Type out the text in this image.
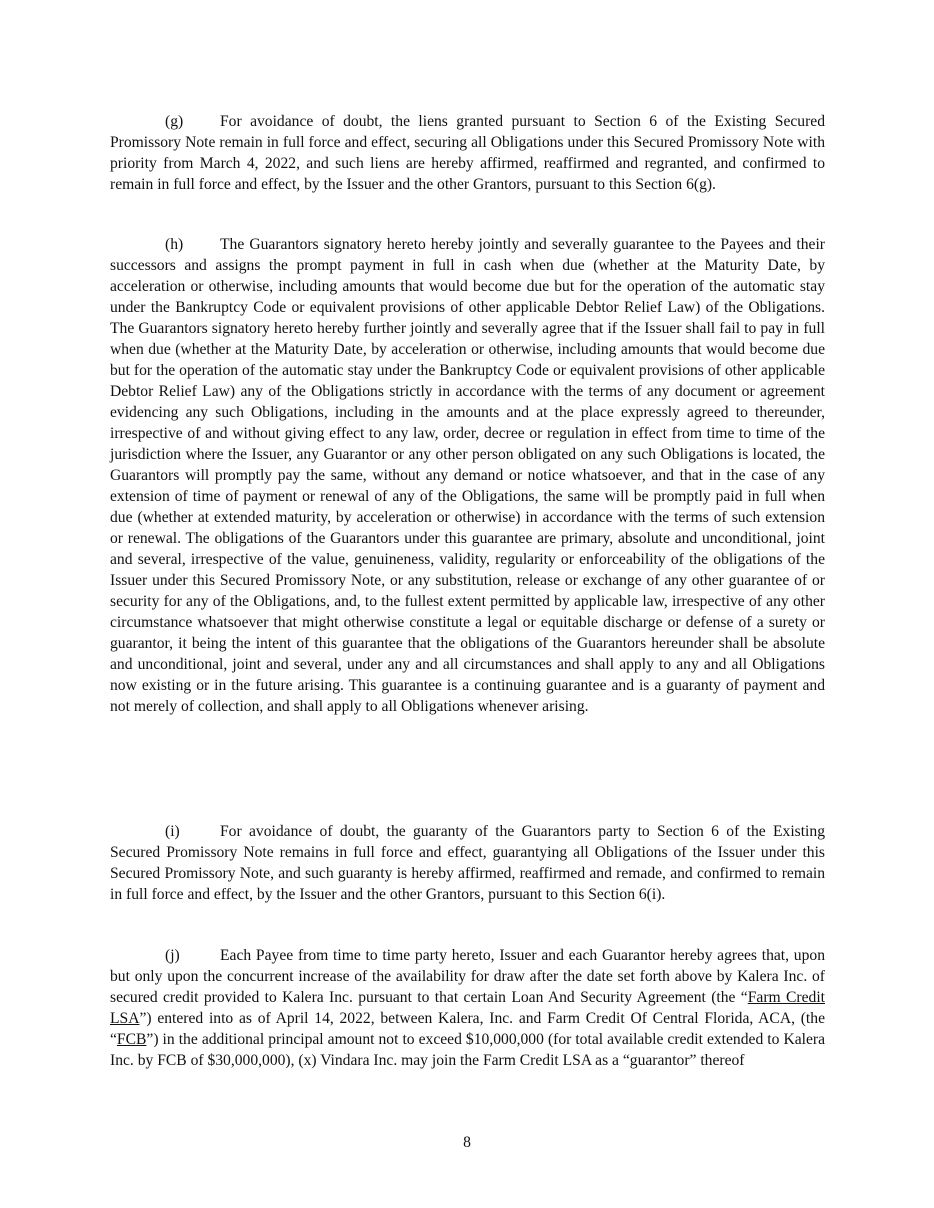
(g) For avoidance of doubt, the liens granted pursuant to Section 6 of the Existing Secured Promissory Note remain in full force and effect, securing all Obligations under this Secured Promissory Note with priority from March 4, 2022, and such liens are hereby affirmed, reaffirmed and regranted, and confirmed to remain in full force and effect, by the Issuer and the other Grantors, pursuant to this Section 6(g).

(h) The Guarantors signatory hereto hereby jointly and severally guarantee to the Payees and their successors and assigns the prompt payment in full in cash when due (whether at the Maturity Date, by acceleration or otherwise, including amounts that would become due but for the operation of the automatic stay under the Bankruptcy Code or equivalent provisions of other applicable Debtor Relief Law) of the Obligations. The Guarantors signatory hereto hereby further jointly and severally agree that if the Issuer shall fail to pay in full when due (whether at the Maturity Date, by acceleration or otherwise, including amounts that would become due but for the operation of the automatic stay under the Bankruptcy Code or equivalent provisions of other applicable Debtor Relief Law) any of the Obligations strictly in accordance with the terms of any document or agreement evidencing any such Obligations, including in the amounts and at the place expressly agreed to thereunder, irrespective of and without giving effect to any law, order, decree or regulation in effect from time to time of the jurisdiction where the Issuer, any Guarantor or any other person obligated on any such Obligations is located, the Guarantors will promptly pay the same, without any demand or notice whatsoever, and that in the case of any extension of time of payment or renewal of any of the Obligations, the same will be promptly paid in full when due (whether at extended maturity, by acceleration or otherwise) in accordance with the terms of such extension or renewal. The obligations of the Guarantors under this guarantee are primary, absolute and unconditional, joint and several, irrespective of the value, genuineness, validity, regularity or enforceability of the obligations of the Issuer under this Secured Promissory Note, or any substitution, release or exchange of any other guarantee of or security for any of the Obligations, and, to the fullest extent permitted by applicable law, irrespective of any other circumstance whatsoever that might otherwise constitute a legal or equitable discharge or defense of a surety or guarantor, it being the intent of this guarantee that the obligations of the Guarantors hereunder shall be absolute and unconditional, joint and several, under any and all circumstances and shall apply to any and all Obligations now existing or in the future arising. This guarantee is a continuing guarantee and is a guaranty of payment and not merely of collection, and shall apply to all Obligations whenever arising.

(i)	For avoidance of doubt, the guaranty of the Guarantors party to Section 6 of the Existing Secured Promissory Note remains in full force and effect, guarantying all Obligations of the Issuer under this Secured Promissory Note, and such guaranty is hereby affirmed, reaffirmed and remade, and confirmed to remain in full force and effect, by the Issuer and the other Grantors, pursuant to this Section 6(i).

(j)	Each Payee from time to time party hereto, Issuer and each Guarantor hereby agrees that, upon but only upon the concurrent increase of the availability for draw after the date set forth above by Kalera Inc. of secured credit provided to Kalera Inc. pursuant to that certain Loan And Security Agreement (the “Farm Credit LSA”) entered into as of April 14, 2022, between Kalera, Inc. and Farm Credit Of Central Florida, ACA, (the “FCB”) in the additional principal amount not to exceed $10,000,000 (for total available credit extended to Kalera Inc. by FCB of $30,000,000), (x) Vindara Inc. may join the Farm Credit LSA as a “guarantor” thereof

8
